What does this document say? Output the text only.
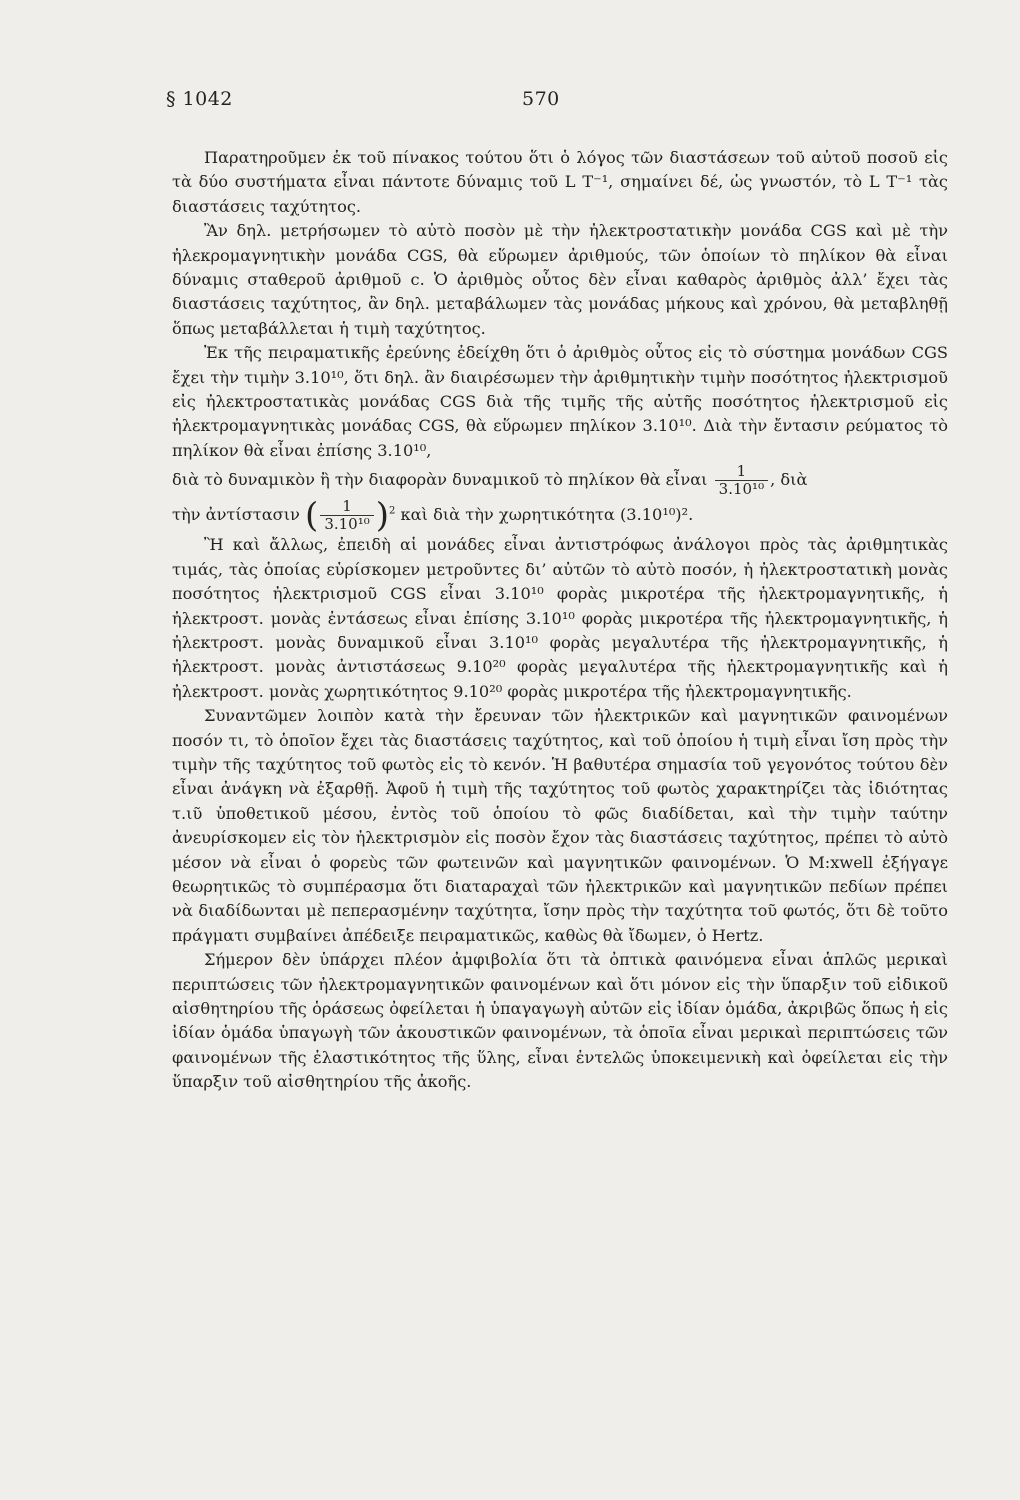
§ 1042	570

Παρατηροῦμεν ἐκ τοῦ πίνακος τούτου ὅτι ὁ λόγος τῶν διαστάσεων τοῦ αὐτοῦ ποσοῦ εἰς τὰ δύο συστήματα εἶναι πάντοτε δύναμις τοῦ L T⁻¹, σημαίνει δέ, ὡς γνωστόν, τὸ L T⁻¹ τὰς διαστάσεις ταχύτητος.

Ἂν δηλ. μετρήσωμεν τὸ αὐτὸ ποσὸν μὲ τὴν ἠλεκτροστατικὴν μονάδα CGS καὶ μὲ τὴν ἠλεκρομαγνητικὴν μονάδα CGS, θὰ εὕρωμεν ἀριθμούς, τῶν ὁποίων τὸ πηλίκον θὰ εἶναι δύναμις σταθεροῦ ἀριθμοῦ c. Ὁ ἀριθμὸς οὗτος δὲν εἶναι καθαρὸς ἀριθμὸς ἀλλ’ ἔχει τὰς διαστάσεις ταχύτητος, ἂν δηλ. μεταβάλωμεν τὰς μονάδας μήκους καὶ χρόνου, θὰ μεταβληθῇ ὅπως μεταβάλλεται ἡ τιμὴ ταχύτητος.

Ἐκ τῆς πειραματικῆς ἐρεύνης ἐδείχθη ὅτι ὁ ἀριθμὸς οὗτος εἰς τὸ σύστημα μονάδων CGS ἔχει τὴν τιμὴν 3.10¹⁰, ὅτι δηλ. ἂν διαιρέσωμεν τὴν ἀριθμητικὴν τιμὴν ποσότητος ἠλεκτρισμοῦ εἰς ἠλεκτροστατικὰς μονάδας CGS διὰ τῆς τιμῆς τῆς αὐτῆς ποσότητος ἠλεκτρισμοῦ εἰς ἠλεκτρομαγνητικὰς μονάδας CGS, θὰ εὕρωμεν πηλίκον 3.10¹⁰. Διὰ τὴν ἔντασιν ρεύματος τὸ πηλίκον θὰ εἶναι ἐπίσης 3.10¹⁰,

διὰ τὸ δυναμικὸν ἢ τὴν διαφορὰν δυναμικοῦ τὸ πηλίκον θὰ εἶναι $\frac{1}{\text{3.10¹⁰}}$ , διὰ
τὴν ἀντίστασιν ( $\frac{1}{\text{3.10¹⁰}} )^2$ καὶ διὰ τὴν χωρητικότητα (3.10¹⁰)².

Ἢ καὶ ἄλλως, ἐπειδὴ αἱ μονάδες εἶναι ἀντιστρόφως ἀνάλογοι πρὸς τὰς ἀριθμητικὰς τιμάς, τὰς ὁποίας εὑρίσκομεν μετροῦντες δι’ αὐτῶν τὸ αὐτὸ ποσόν, ἡ ἠλεκτροστατικὴ μονὰς ποσότητος ἠλεκτρισμοῦ CGS εἶναι 3.10¹⁰ φορὰς μικροτέρα τῆς ἠλεκτρομαγνητικῆς, ἡ ἠλεκτροστ. μονὰς ἐντάσεως εἶναι ἐπίσης 3.10¹⁰ φορὰς μικροτέρα τῆς ἠλεκτρομαγνητικῆς, ἡ ἠλεκτροστ. μονὰς δυναμικοῦ εἶναι 3.10¹⁰ φορὰς μεγαλυτέρα τῆς ἠλεκτρομαγνητικῆς, ἡ ἠλεκτροστ. μονὰς ἀντιστάσεως 9.10²⁰ φορὰς μεγαλυτέρα τῆς ἠλεκτρομαγνητικῆς καὶ ἡ ἠλεκτροστ. μονὰς χωρητικότητος 9.10²⁰ φορὰς μικροτέρα τῆς ἠλεκτρομαγνητικῆς.

Συναντῶμεν λοιπὸν κατὰ τὴν ἔρευναν τῶν ἠλεκτρικῶν καὶ μαγνητικῶν φαινομένων ποσόν τι, τὸ ὁποῖον ἔχει τὰς διαστάσεις ταχύτητος, καὶ τοῦ ὁποίου ἡ τιμὴ εἶναι ἴση πρὸς τὴν τιμὴν τῆς ταχύτητος τοῦ φωτὸς εἰς τὸ κενόν. Ἡ βαθυτέρα σημασία τοῦ γεγονότος τούτου δὲν εἶναι ἀνάγκη νὰ ἐξαρθῇ. Ἀφοῦ ἡ τιμὴ τῆς ταχύτητος τοῦ φωτὸς χαρακτηρίζει τὰς ἰδιότητας τ.ιῦ ὑποθετικοῦ μέσου, ἐντὸς τοῦ ὁποίου τὸ φῶς διαδίδεται, καὶ τὴν τιμὴν ταύτην ἀνευρίσκομεν εἰς τὸν ἠλεκτρισμὸν εἰς ποσὸν ἔχον τὰς διαστάσεις ταχύτητος, πρέπει τὸ αὐτὸ μέσον νὰ εἶναι ὁ φορεὺς τῶν φωτεινῶν καὶ μαγνητικῶν φαινομένων. Ὁ M:xwell ἐξήγαγε θεωρητικῶς τὸ συμπέρασμα ὅτι διαταραχαὶ τῶν ἠλεκτρικῶν καὶ μαγνητικῶν πεδίων πρέπει νὰ διαδίδωνται μὲ πεπερασμένην ταχύτητα, ἴσην πρὸς τὴν ταχύτητα τοῦ φωτός, ὅτι δὲ τοῦτο πράγματι συμβαίνει ἀπέδειξε πειραματικῶς, καθὼς θὰ ἴδωμεν, ὁ Hertz.

Σήμερον δὲν ὑπάρχει πλέον ἀμφιβολία ὅτι τὰ ὀπτικὰ φαινόμενα εἶναι ἁπλῶς μερικαὶ περιπτώσεις τῶν ἠλεκτρομαγνητικῶν φαινομένων καὶ ὅτι μόνον εἰς τὴν ὕπαρξιν τοῦ εἰδικοῦ αἰσθητηρίου τῆς ὁράσεως ὀφείλεται ἡ ὑπαγαγωγὴ αὐτῶν εἰς ἰδίαν ὁμάδα, ἀκριβῶς ὅπως ἡ εἰς ἰδίαν ὁμάδα ὑπαγωγὴ τῶν ἀκουστικῶν φαινομένων, τὰ ὁποῖα εἶναι μερικαὶ περιπτώσεις τῶν φαινομένων τῆς ἐλαστικότητος τῆς ὕλης, εἶναι ἐντελῶς ὑποκειμενικὴ καὶ ὀφείλεται εἰς τὴν ὕπαρξιν τοῦ αἰσθητηρίου τῆς ἀκοῆς.
